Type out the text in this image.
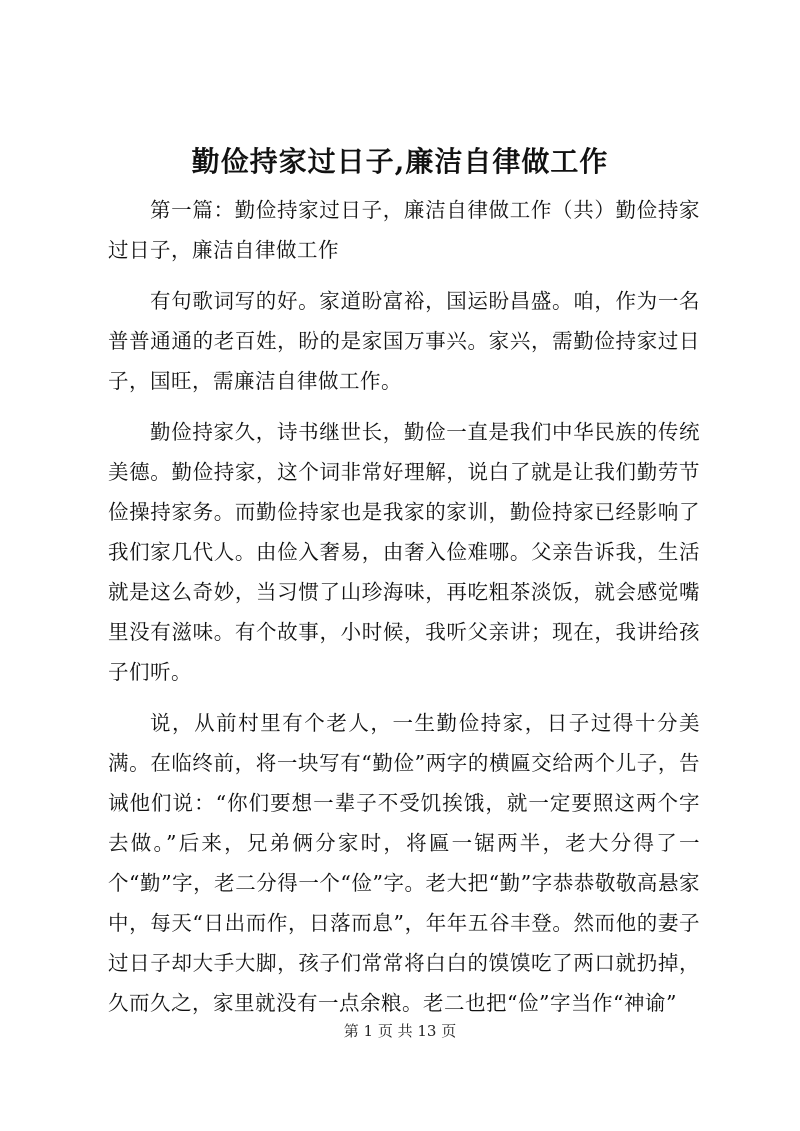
勤俭持家过日子,廉洁自律做工作

第一篇：勤俭持家过日子，廉洁自律做工作（共）勤俭持家过日子，廉洁自律做工作

有句歌词写的好。家道盼富裕，国运盼昌盛。咱，作为一名普普通通的老百姓，盼的是家国万事兴。家兴，需勤俭持家过日子，国旺，需廉洁自律做工作。

勤俭持家久，诗书继世长，勤俭一直是我们中华民族的传统美德。勤俭持家，这个词非常好理解，说白了就是让我们勤劳节俭操持家务。而勤俭持家也是我家的家训，勤俭持家已经影响了我们家几代人。由俭入奢易，由奢入俭难哪。父亲告诉我，生活就是这么奇妙，当习惯了山珍海味，再吃粗茶淡饭，就会感觉嘴里没有滋味。有个故事，小时候，我听父亲讲；现在，我讲给孩子们听。

说，从前村里有个老人，一生勤俭持家，日子过得十分美满。在临终前，将一块写有“勤俭”两字的横匾交给两个儿子，告诫他们说：“你们要想一辈子不受饥挨饿，就一定要照这两个字去做。”后来，兄弟俩分家时，将匾一锯两半，老大分得了一个“勤”字，老二分得一个“俭”字。老大把“勤”字恭恭敬敬高悬家中，每天“日出而作，日落而息”，年年五谷丰登。然而他的妻子过日子却大手大脚，孩子们常常将白白的馍馍吃了两口就扔掉，久而久之，家里就没有一点余粮。老二也把“俭”字当作“神谕”

第 1 页 共 13 页
